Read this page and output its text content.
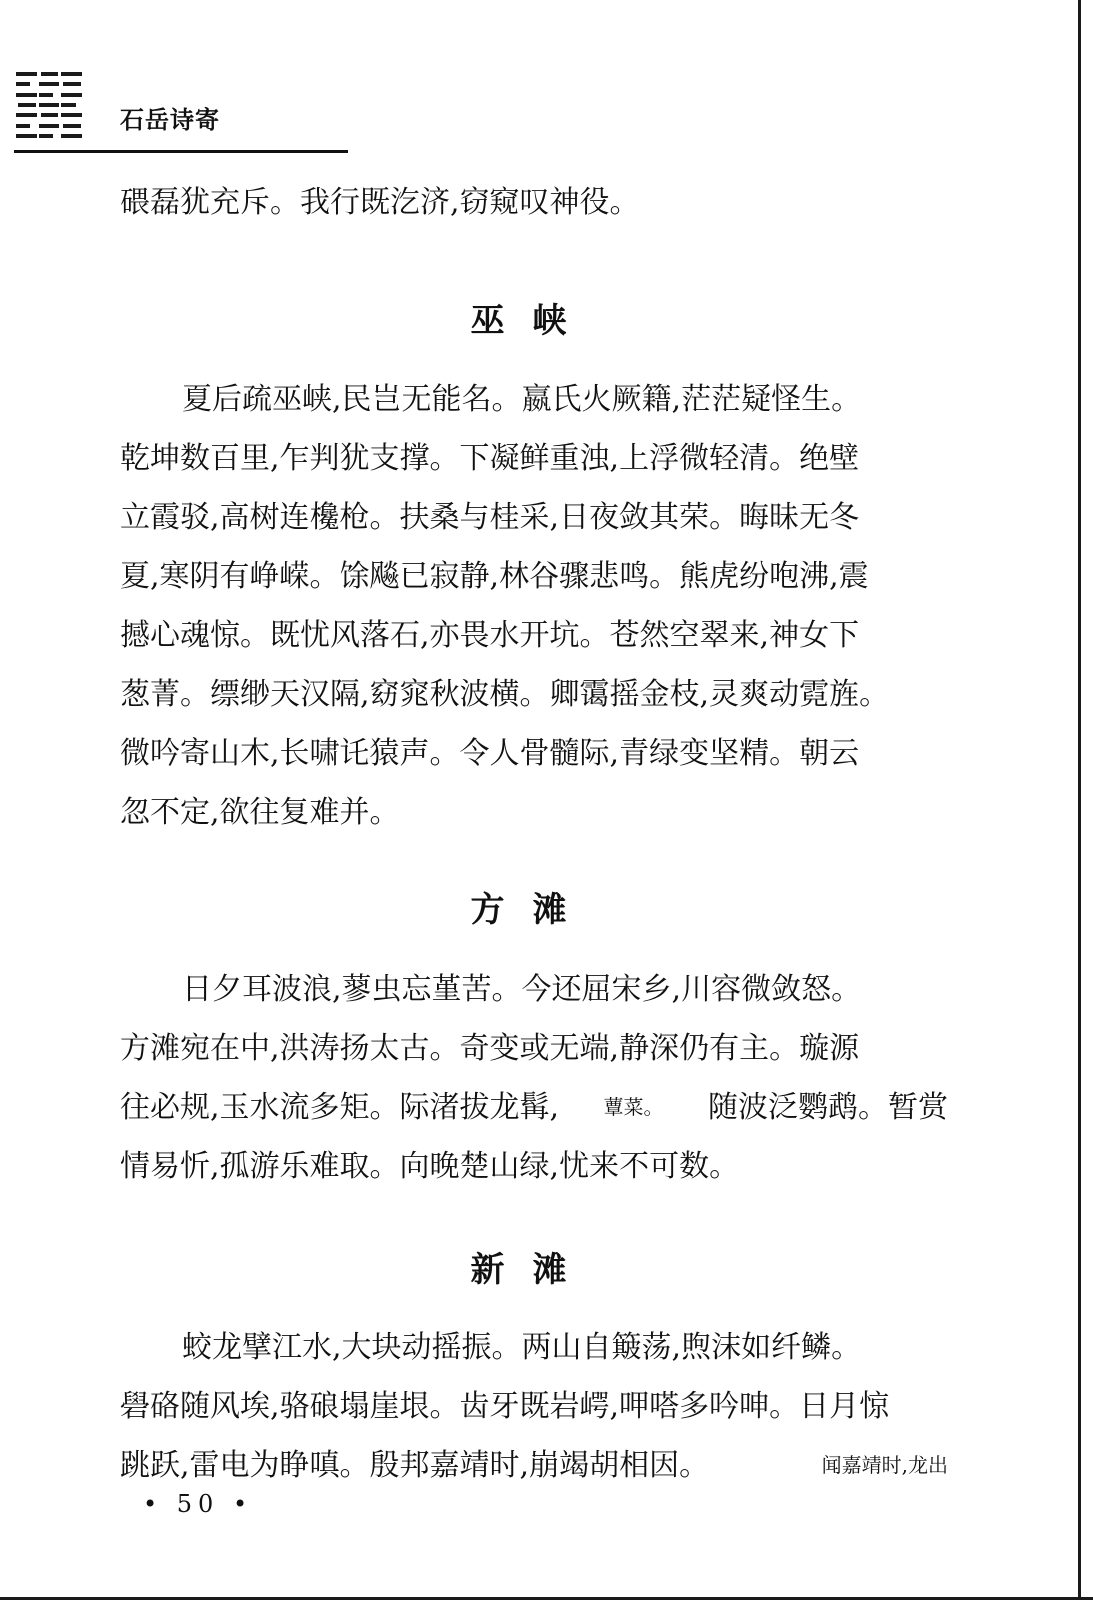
石岳诗寄
碨磊犹充斥。我行既汔济,窃窥叹神役。
巫峡
夏后疏巫峡,民岂无能名。嬴氏火厥籍,茫茫疑怪生。
乾坤数百里,乍判犹支撑。下凝鲜重浊,上浮微轻清。绝壁
立霞驳,高树连欃枪。扶桑与桂采,日夜敛其荣。晦昧无冬
夏,寒阴有峥嵘。馀飚已寂静,林谷骤悲鸣。熊虎纷咆沸,震
撼心魂惊。既忧风落石,亦畏水开坑。苍然空翠来,神女下
葱菁。缥缈天汉隔,窈窕秋波横。卿霭摇金枝,灵爽动霓旌。
微吟寄山木,长啸讬猿声。令人骨髓际,青绿变坚精。朝云
忽不定,欲往复难并。
方滩
日夕耳波浪,蓼虫忘堇苦。今还屈宋乡,川容微敛怒。
方滩宛在中,洪涛扬太古。奇变或无端,静深仍有主。璇源
往必规,玉水流多矩。际渚拔龙髯, 蕈菜。 随波泛鹦鹉。暂赏
情易忻,孤游乐难取。向晚楚山绿,忧来不可数。
新滩
蛟龙擘江水,大块动摇振。两山自簸荡,煦沫如纤鳞。
礐硌随风埃,骆硠塌崖垠。齿牙既岩崿,呷嗒多吟呻。日月惊
跳跃,雷电为睁嗔。殷邦嘉靖时,崩竭胡相因。	闻嘉靖时,龙出
• 50 •
